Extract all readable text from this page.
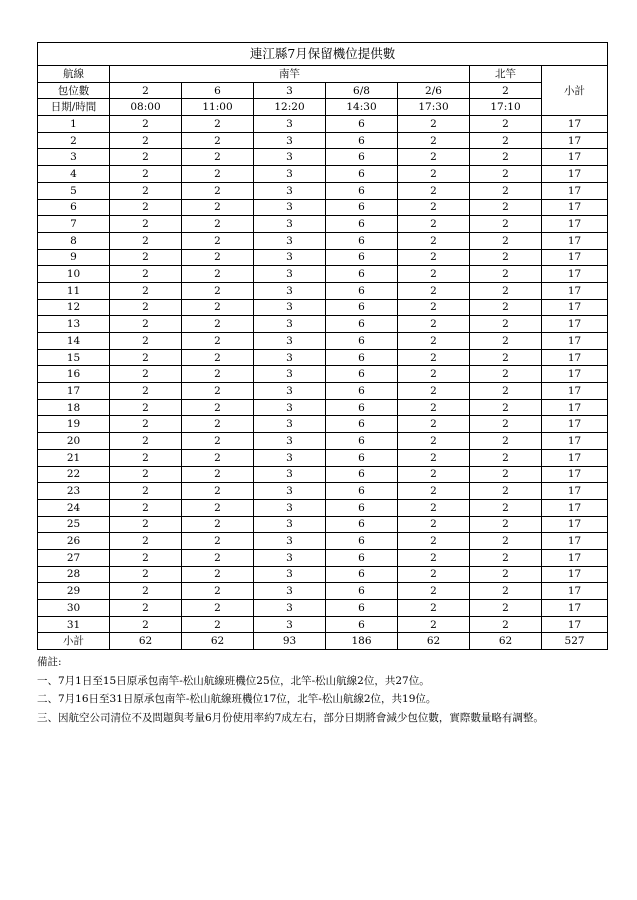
連江縣7月保留機位提供數							
航線	南竿					北竿	小計
包位數	2	6	3	6/8	2/6	2	
日期/時間	08:00	11:00	12:20	14:30	17:30	17:10	
1	2	2	3	6	2	2	17
2	2	2	3	6	2	2	17
3	2	2	3	6	2	2	17
4	2	2	3	6	2	2	17
5	2	2	3	6	2	2	17
6	2	2	3	6	2	2	17
7	2	2	3	6	2	2	17
8	2	2	3	6	2	2	17
9	2	2	3	6	2	2	17
10	2	2	3	6	2	2	17
11	2	2	3	6	2	2	17
12	2	2	3	6	2	2	17
13	2	2	3	6	2	2	17
14	2	2	3	6	2	2	17
15	2	2	3	6	2	2	17
16	2	2	3	6	2	2	17
17	2	2	3	6	2	2	17
18	2	2	3	6	2	2	17
19	2	2	3	6	2	2	17
20	2	2	3	6	2	2	17
21	2	2	3	6	2	2	17
22	2	2	3	6	2	2	17
23	2	2	3	6	2	2	17
24	2	2	3	6	2	2	17
25	2	2	3	6	2	2	17
26	2	2	3	6	2	2	17
27	2	2	3	6	2	2	17
28	2	2	3	6	2	2	17
29	2	2	3	6	2	2	17
30	2	2	3	6	2	2	17
31	2	2	3	6	2	2	17
小計	62	62	93	186	62	62	527
備註:
一、7月1日至15日原承包南竿-松山航線班機位25位，北竿-松山航線2位，共27位。
二、7月16日至31日原承包南竿-松山航線班機位17位，北竿-松山航線2位，共19位。
三、因航空公司清位不及問題與考量6月份使用率約7成左右，部分日期將會減少包位數，實際數量略有調整。
